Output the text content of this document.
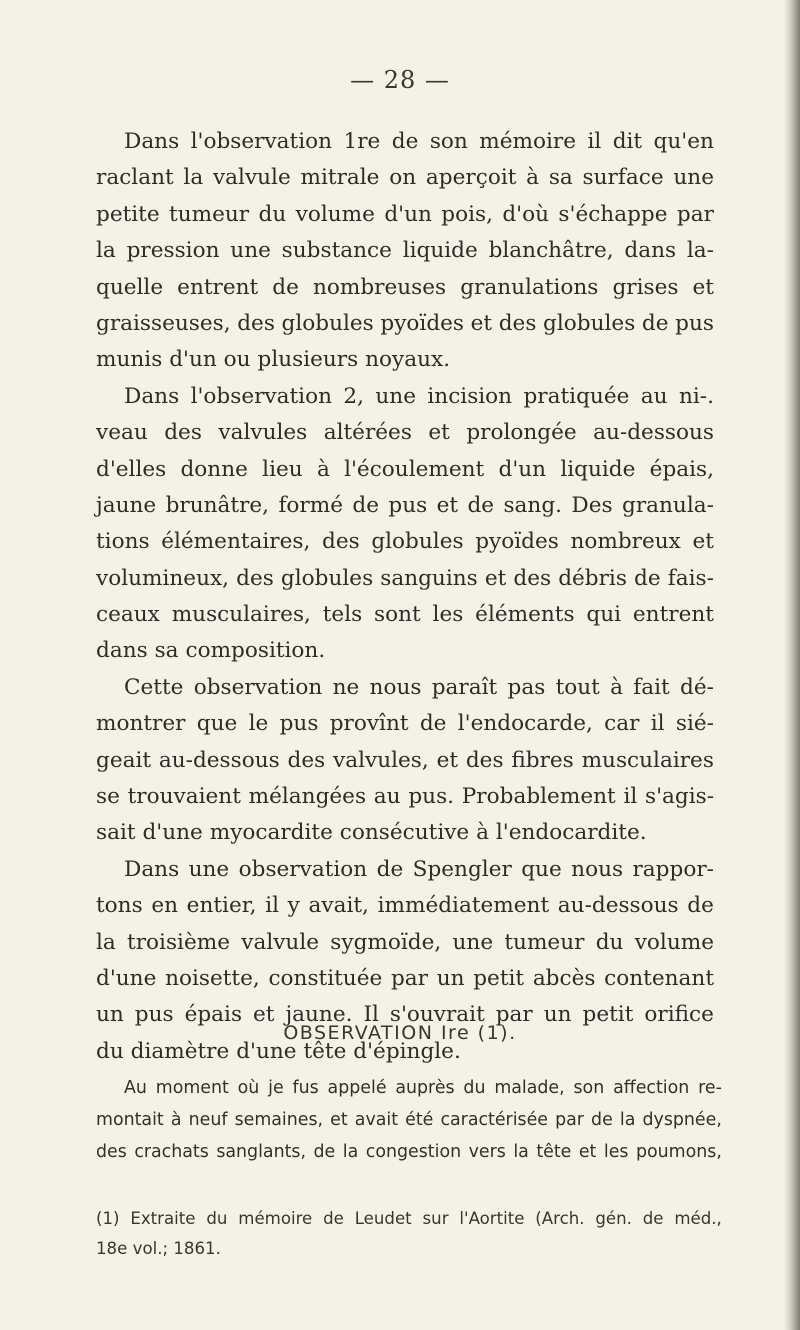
— 28 —
Dans l'observation 1re de son mémoire il dit qu'en
raclant la valvule mitrale on aperçoit à sa surface une
petite tumeur du volume d'un pois, d'où s'échappe par
la pression une substance liquide blanchâtre, dans la-
quelle entrent de nombreuses granulations grises et
graisseuses, des globules pyoïdes et des globules de pus
munis d'un ou plusieurs noyaux.
Dans l'observation 2, une incision pratiquée au ni-.
veau des valvules altérées et prolongée au-dessous
d'elles donne lieu à l'écoulement d'un liquide épais,
jaune brunâtre, formé de pus et de sang. Des granula-
tions élémentaires, des globules pyoïdes nombreux et
volumineux, des globules sanguins et des débris de fais-
ceaux musculaires, tels sont les éléments qui entrent
dans sa composition.
Cette observation ne nous paraît pas tout à fait dé-
montrer que le pus provînt de l'endocarde, car il sié-
geait au-dessous des valvules, et des fibres musculaires
se trouvaient mélangées au pus. Probablement il s'agis-
sait d'une myocardite consécutive à l'endocardite.
Dans une observation de Spengler que nous rappor-
tons en entier, il y avait, immédiatement au-dessous de
la troisième valvule sygmoïde, une tumeur du volume
d'une noisette, constituée par un petit abcès contenant
un pus épais et jaune. Il s'ouvrait par un petit orifice
du diamètre d'une tête d'épingle.
OBSERVATION Ire (1).
Au moment où je fus appelé auprès du malade, son affection re-
montait à neuf semaines, et avait été caractérisée par de la dyspnée,
des crachats sanglants, de la congestion vers la tête et les poumons,
(1) Extraite du mémoire de Leudet sur l'Aortite (Arch. gén. de méd.,
18e vol.; 1861.
